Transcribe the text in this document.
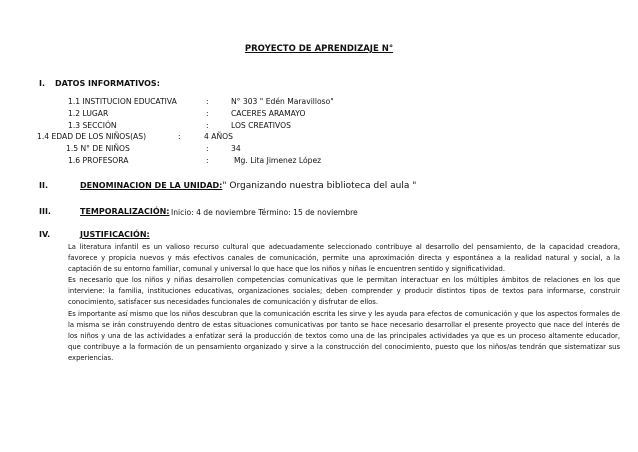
PROYECTO DE APRENDIZAJE N°
I. DATOS INFORMATIVOS:
1.1 INSTITUCION EDUCATIVA	:	N° 303 " Edén Maravilloso"
1.2 LUGAR	:	CACERES ARAMAYO
1.3 SECCIÓN	:	LOS CREATIVOS
1.4 EDAD DE LOS NIÑOS(AS)	:	4 AÑOS
1.5 N° DE NIÑOS	:	34
1.6 PROFESORA	:	Mg. Lita Jimenez López
II.	DENOMINACION DE LA UNIDAD:" Organizando nuestra biblioteca del aula "
III.	TEMPORALIZACIÓN: Inicio: 4 de noviembre Término: 15 de noviembre
IV.	JUSTIFICACIÓN:

La literatura infantil es un valioso recurso cultural que adecuadamente seleccionado contribuye al desarrollo del pensamiento, de la capacidad creadora, favorece y propicia nuevos y más efectivos canales de comunicación, permite una aproximación directa y espontánea a la realidad natural y social, a la captación de su entorno familiar, comunal y universal lo que hace que los niños y niñas le encuentren sentido y significatividad.

Es necesario que los niños y niñas desarrollen competencias comunicativas que le permitan interactuar en los múltiples ámbitos de relaciones en los que interviene: la familia, instituciones educativas, organizaciones sociales; deben comprender y producir distintos tipos de textos para informarse, construir conocimiento, satisfacer sus necesidades funcionales de comunicación y disfrutar de ellos.

Es importante así mismo que los niños descubran que la comunicación escrita les sirve y les ayuda para efectos de comunicación y que los aspectos formales de la misma se irán construyendo dentro de estas situaciones comunicativas por tanto se hace necesario desarrollar el presente proyecto que nace del interés de los niños y una de las actividades a enfatizar será la producción de textos como una de las principales actividades ya que es un proceso altamente educador, que contribuye a la formación de un pensamiento organizado y sirve a la construcción del conocimiento, puesto que los niños/as tendrán que sistematizar sus experiencias.
